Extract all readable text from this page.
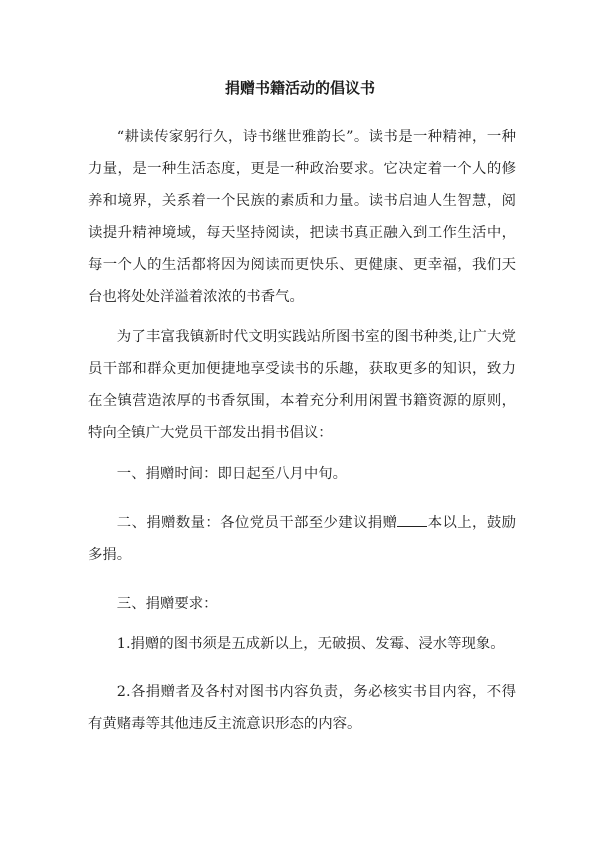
捐赠书籍活动的倡议书

“耕读传家躬行久，诗书继世雅韵长”。读书是一种精神，一种力量，是一种生活态度，更是一种政治要求。它决定着一个人的修养和境界，关系着一个民族的素质和力量。读书启迪人生智慧，阅读提升精神境域，每天坚持阅读，把读书真正融入到工作生活中，每一个人的生活都将因为阅读而更快乐、更健康、更幸福，我们天台也将处处洋溢着浓浓的书香气。

为了丰富我镇新时代文明实践站所图书室的图书种类,让广大党员干部和群众更加便捷地享受读书的乐趣，获取更多的知识，致力在全镇营造浓厚的书香氛围，本着充分利用闲置书籍资源的原则，特向全镇广大党员干部发出捐书倡议：

一、捐赠时间：即日起至八月中旬。

二、捐赠数量：各位党员干部至少建议捐赠 本以上，鼓励多捐。

三、捐赠要求：

1.捐赠的图书须是五成新以上，无破损、发霉、浸水等现象。

2.各捐赠者及各村对图书内容负责，务必核实书目内容，不得有黄赌毒等其他违反主流意识形态的内容。
